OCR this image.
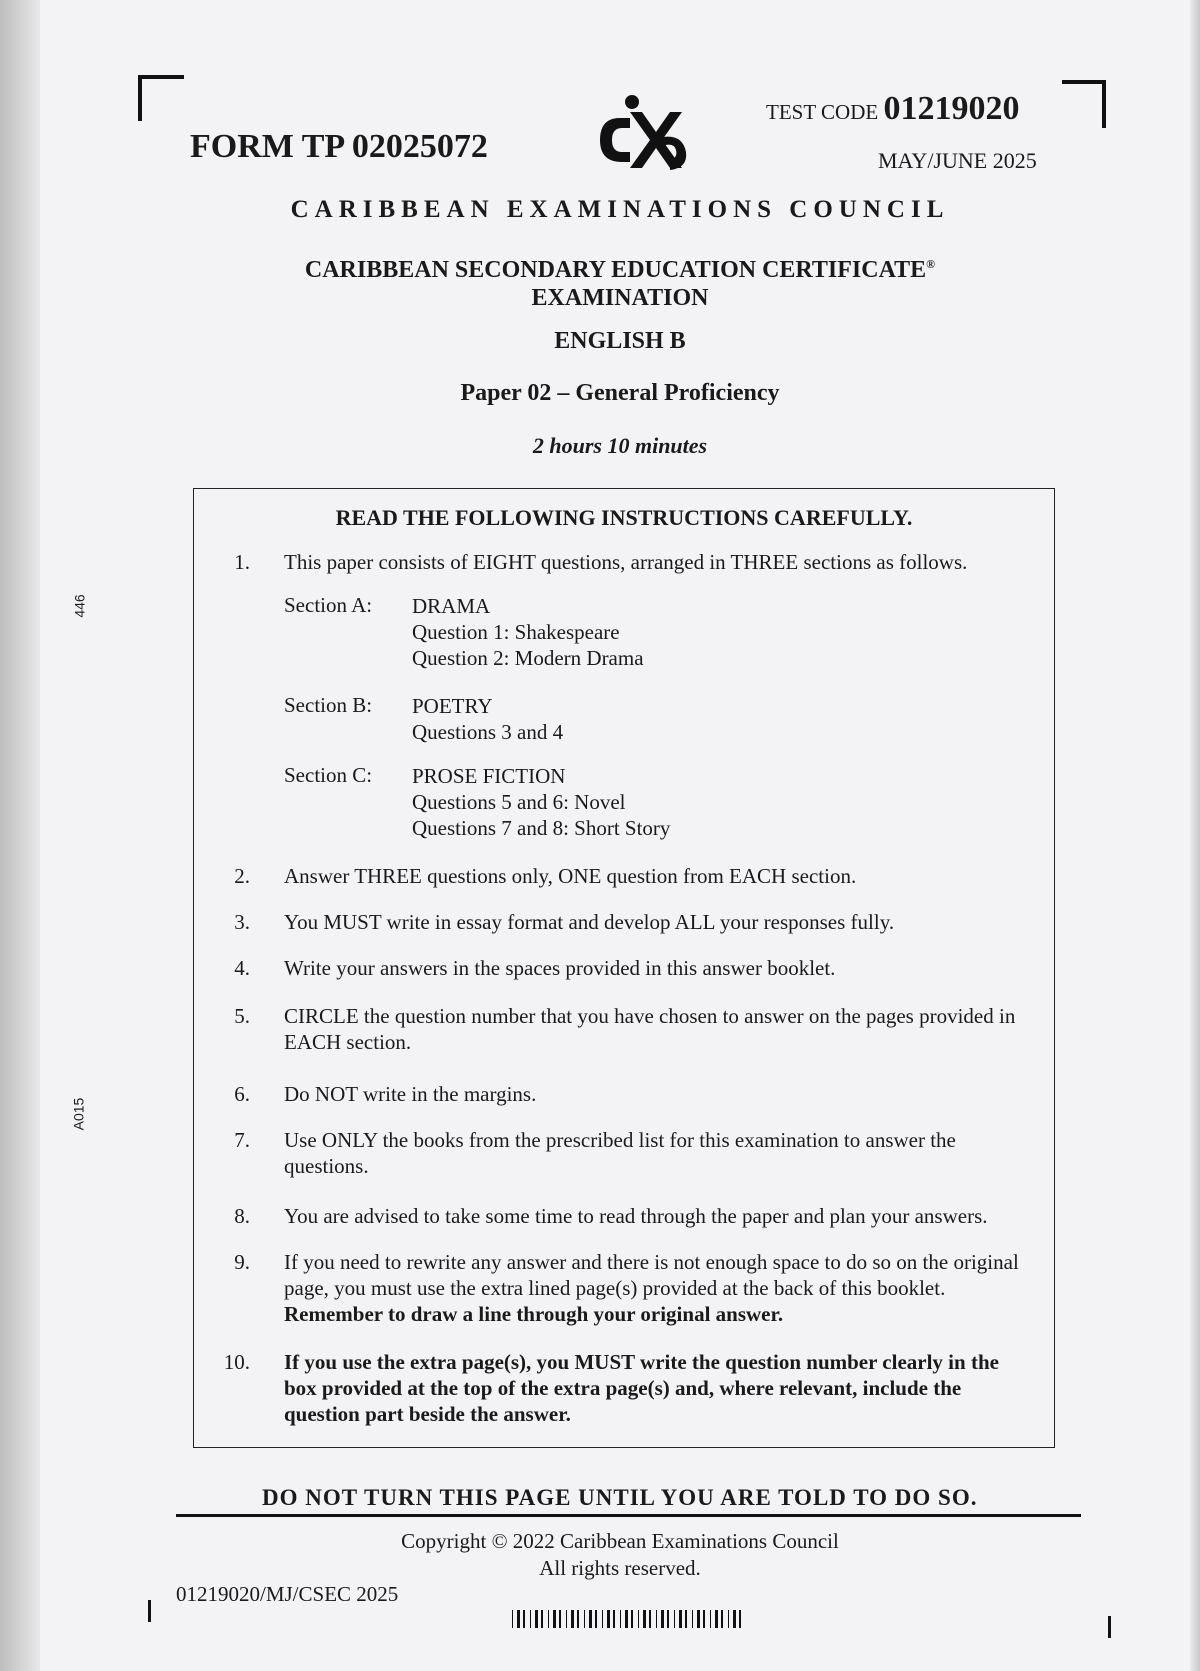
FORM TP 02025072
TEST CODE 01219020
MAY/JUNE 2025
CARIBBEAN EXAMINATIONS COUNCIL
CARIBBEAN SECONDARY EDUCATION CERTIFICATE®
EXAMINATION
ENGLISH B
Paper 02 – General Proficiency
2 hours 10 minutes
446
A015
READ THE FOLLOWING INSTRUCTIONS CAREFULLY.
1. This paper consists of EIGHT questions, arranged in THREE sections as follows.
Section A: DRAMA
Question 1: Shakespeare
Question 2: Modern Drama
Section B: POETRY
Questions 3 and 4
Section C: PROSE FICTION
Questions 5 and 6: Novel
Questions 7 and 8: Short Story
2. Answer THREE questions only, ONE question from EACH section.
3. You MUST write in essay format and develop ALL your responses fully.
4. Write your answers in the spaces provided in this answer booklet.
5. CIRCLE the question number that you have chosen to answer on the pages provided in EACH section.
6. Do NOT write in the margins.
7. Use ONLY the books from the prescribed list for this examination to answer the questions.
8. You are advised to take some time to read through the paper and plan your answers.
9. If you need to rewrite any answer and there is not enough space to do so on the original page, you must use the extra lined page(s) provided at the back of this booklet. Remember to draw a line through your original answer.
10. If you use the extra page(s), you MUST write the question number clearly in the box provided at the top of the extra page(s) and, where relevant, include the question part beside the answer.
DO NOT TURN THIS PAGE UNTIL YOU ARE TOLD TO DO SO.
Copyright © 2022 Caribbean Examinations Council
All rights reserved.
01219020/MJ/CSEC 2025
